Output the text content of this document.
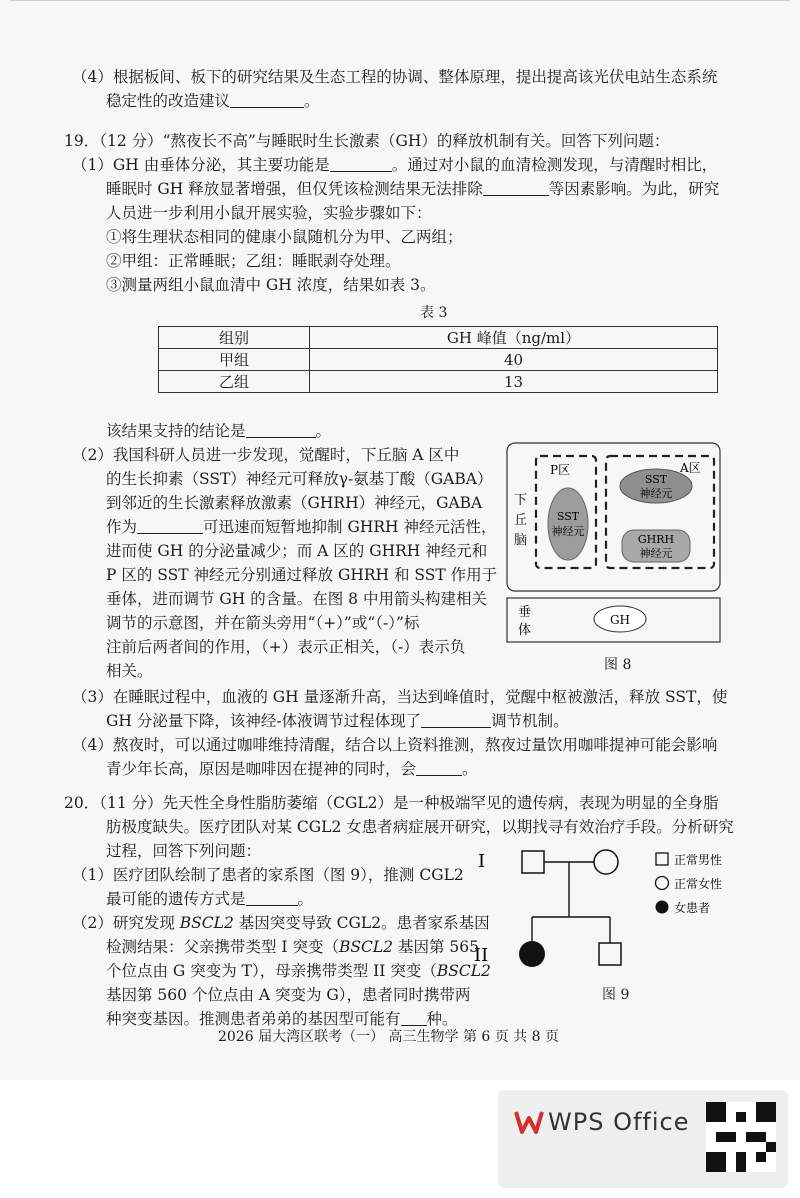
（4）根据板间、板下的研究结果及生态工程的协调、整体原理，提出提高该光伏电站生态系统
稳定性的改造建议	。
19．（12 分）“熬夜长不高”与睡眠时生长激素（GH）的释放机制有关。回答下列问题：
（1）GH 由垂体分泌，其主要功能是	。通过对小鼠的血清检测发现，与清醒时相比，
睡眠时 GH 释放显著增强，但仅凭该检测结果无法排除	等因素影响。为此，研究
人员进一步利用小鼠开展实验，实验步骤如下：
①将生理状态相同的健康小鼠随机分为甲、乙两组；
②甲组：正常睡眠；乙组：睡眠剥夺处理。
③测量两组小鼠血清中 GH 浓度，结果如表 3。
表 3
组别	GH 峰值（ng/ml）
甲组	40
乙组	13
该结果支持的结论是	。
（2）我国科研人员进一步发现，觉醒时，下丘脑 A 区中
的生长抑素（SST）神经元可释放γ-氨基丁酸（GABA）
到邻近的生长激素释放激素（GHRH）神经元，GABA
作为	可迅速而短暂地抑制 GHRH 神经元活性，
进而使 GH 的分泌量减少；而 A 区的 GHRH 神经元和
P 区的 SST 神经元分别通过释放 GHRH 和 SST 作用于
垂体，进而调节 GH 的含量。在图 8 中用箭头构建相关
调节的示意图，并在箭头旁用“（+）”或“（-）”标
注前后两者间的作用，（+）表示正相关，（-）表示负
相关。
下
丘
脑
P区
SST
神经元
A区
SST
神经元
GHRH
神经元
垂
体
GH
图 8
（3）在睡眠过程中，血液的 GH 量逐渐升高，当达到峰值时，觉醒中枢被激活，释放 SST，使
GH 分泌量下降，该神经-体液调节过程体现了	调节机制。
（4）熬夜时，可以通过咖啡维持清醒，结合以上资料推测，熬夜过量饮用咖啡提神可能会影响
青少年长高，原因是咖啡因在提神的同时，会	。
20．（11 分）先天性全身性脂肪萎缩（CGL2）是一种极端罕见的遗传病，表现为明显的全身脂
肪极度缺失。医疗团队对某 CGL2 女患者病症展开研究，以期找寻有效治疗手段。分析研究
过程，回答下列问题：
（1）医疗团队绘制了患者的家系图（图 9），推测 CGL2
最可能的遗传方式是	。
（2）研究发现 BSCL2 基因突变导致 CGL2。患者家系基因
检测结果：父亲携带类型 I 突变（BSCL2 基因第 565
个位点由 G 突变为 T），母亲携带类型 II 突变（BSCL2
基因第 560 个位点由 A 突变为 G），患者同时携带两
种突变基因。推测患者弟弟的基因型可能有 种。
I
II
正常男性
正常女性
女患者
图 9
2026 届大湾区联考（一） 高三生物学 第 6 页 共 8 页
WPS Office
